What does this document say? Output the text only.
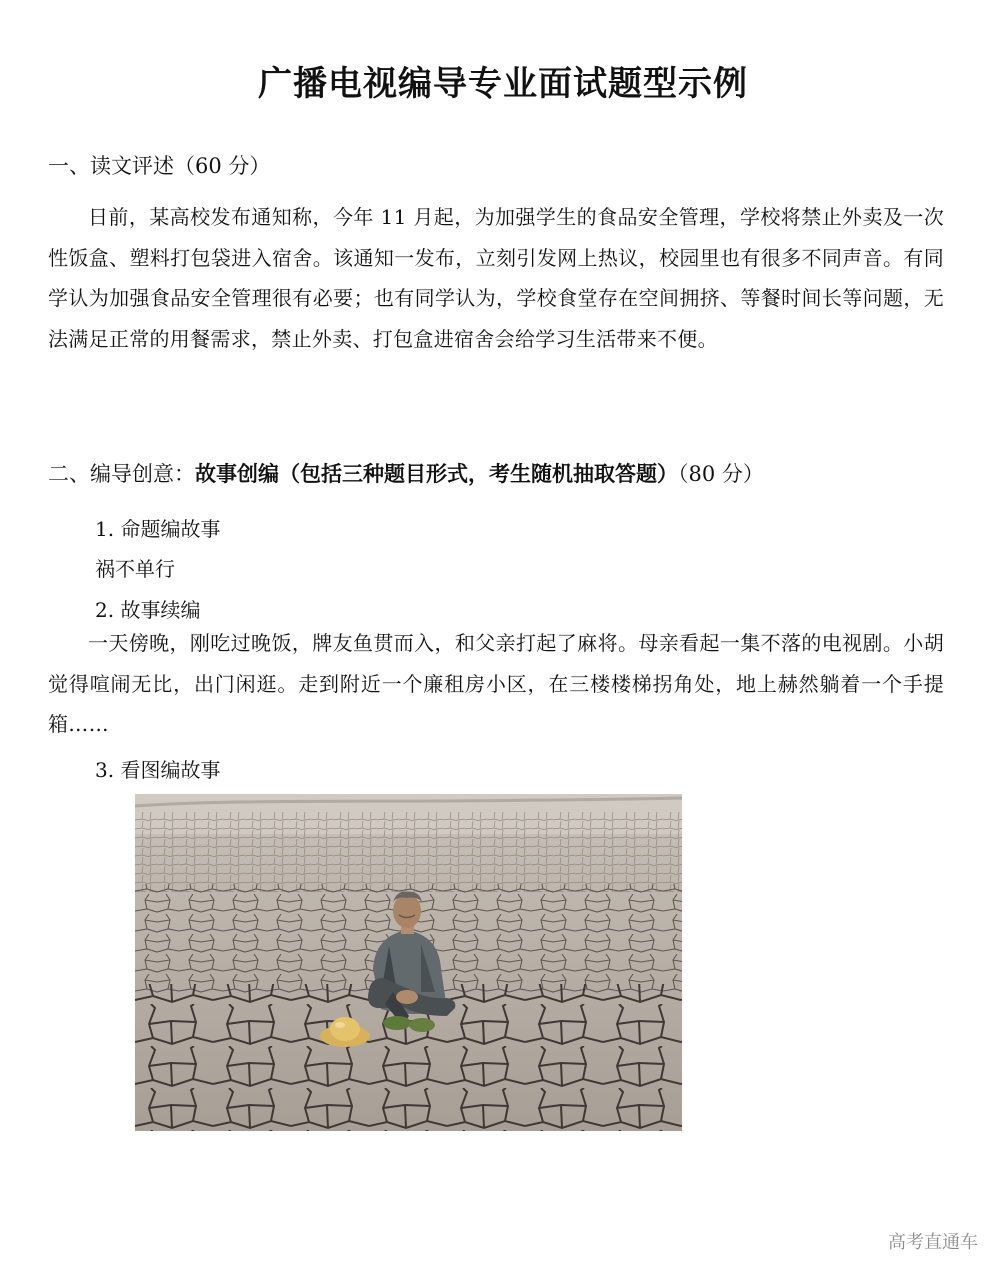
广播电视编导专业面试题型示例
一、读文评述（60 分）
日前，某高校发布通知称，今年 11 月起，为加强学生的食品安全管理，学校将禁止外卖及一次性饭盒、塑料打包袋进入宿舍。该通知一发布，立刻引发网上热议，校园里也有很多不同声音。有同学认为加强食品安全管理很有必要；也有同学认为，学校食堂存在空间拥挤、等餐时间长等问题，无法满足正常的用餐需求，禁止外卖、打包盒进宿舍会给学习生活带来不便。
二、编导创意：故事创编（包括三种题目形式，考生随机抽取答题）（80 分）
1. 命题编故事
祸不单行
2. 故事续编
一天傍晚，刚吃过晚饭，牌友鱼贯而入，和父亲打起了麻将。母亲看起一集不落的电视剧。小胡觉得喧闹无比，出门闲逛。走到附近一个廉租房小区，在三楼楼梯拐角处，地上赫然躺着一个手提箱……
3. 看图编故事
高考直通车
